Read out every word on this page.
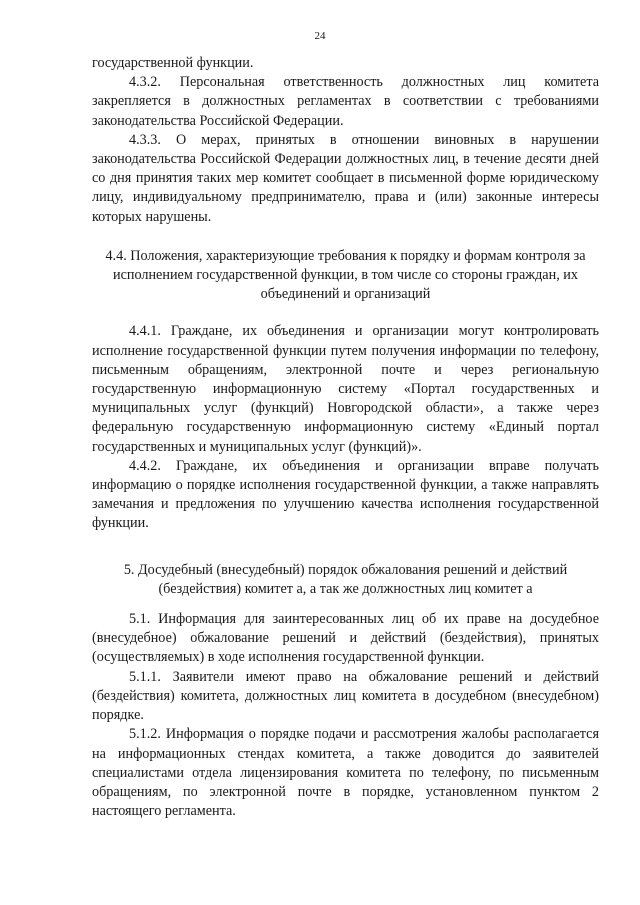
24

государственной функции.

4.3.2. Персональная ответственность должностных лиц комитета закрепляется в должностных регламентах в соответствии с требованиями законодательства Российской Федерации.

4.3.3. О мерах, принятых в отношении виновных в нарушении законодательства Российской Федерации должностных лиц, в течение десяти дней со дня принятия таких мер комитет сообщает в письменной форме юридическому лицу, индивидуальному предпринимателю, права и (или) законные интересы которых нарушены.

4.4. Положения, характеризующие требования к порядку и формам контроля за исполнением государственной функции, в том числе со стороны граждан, их объединений и организаций

4.4.1. Граждане, их объединения и организации могут контролировать исполнение государственной функции путем получения информации по телефону, письменным обращениям, электронной почте и через региональную государственную информационную систему «Портал государственных и муниципальных услуг (функций) Новгородской области», а также через федеральную государственную информационную систему «Единый портал государственных и муниципальных услуг (функций)».

4.4.2. Граждане, их объединения и организации вправе получать информацию о порядке исполнения государственной функции, а также направлять замечания и предложения по улучшению качества исполнения государственной функции.

5. Досудебный (внесудебный) порядок обжалования решений и действий (бездействия) комитет а, а так же должностных лиц комитет а

5.1. Информация для заинтересованных лиц об их праве на досудебное (внесудебное) обжалование решений и действий (бездействия), принятых (осуществляемых) в ходе исполнения государственной функции.

5.1.1. Заявители имеют право на обжалование решений и действий (бездействия) комитета, должностных лиц комитета в досудебном (внесудебном) порядке.

5.1.2. Информация о порядке подачи и рассмотрения жалобы располагается на информационных стендах комитета, а также доводится до заявителей специалистами отдела лицензирования комитета по телефону, по письменным обращениям, по электронной почте в порядке, установленном пунктом 2 настоящего регламента.
